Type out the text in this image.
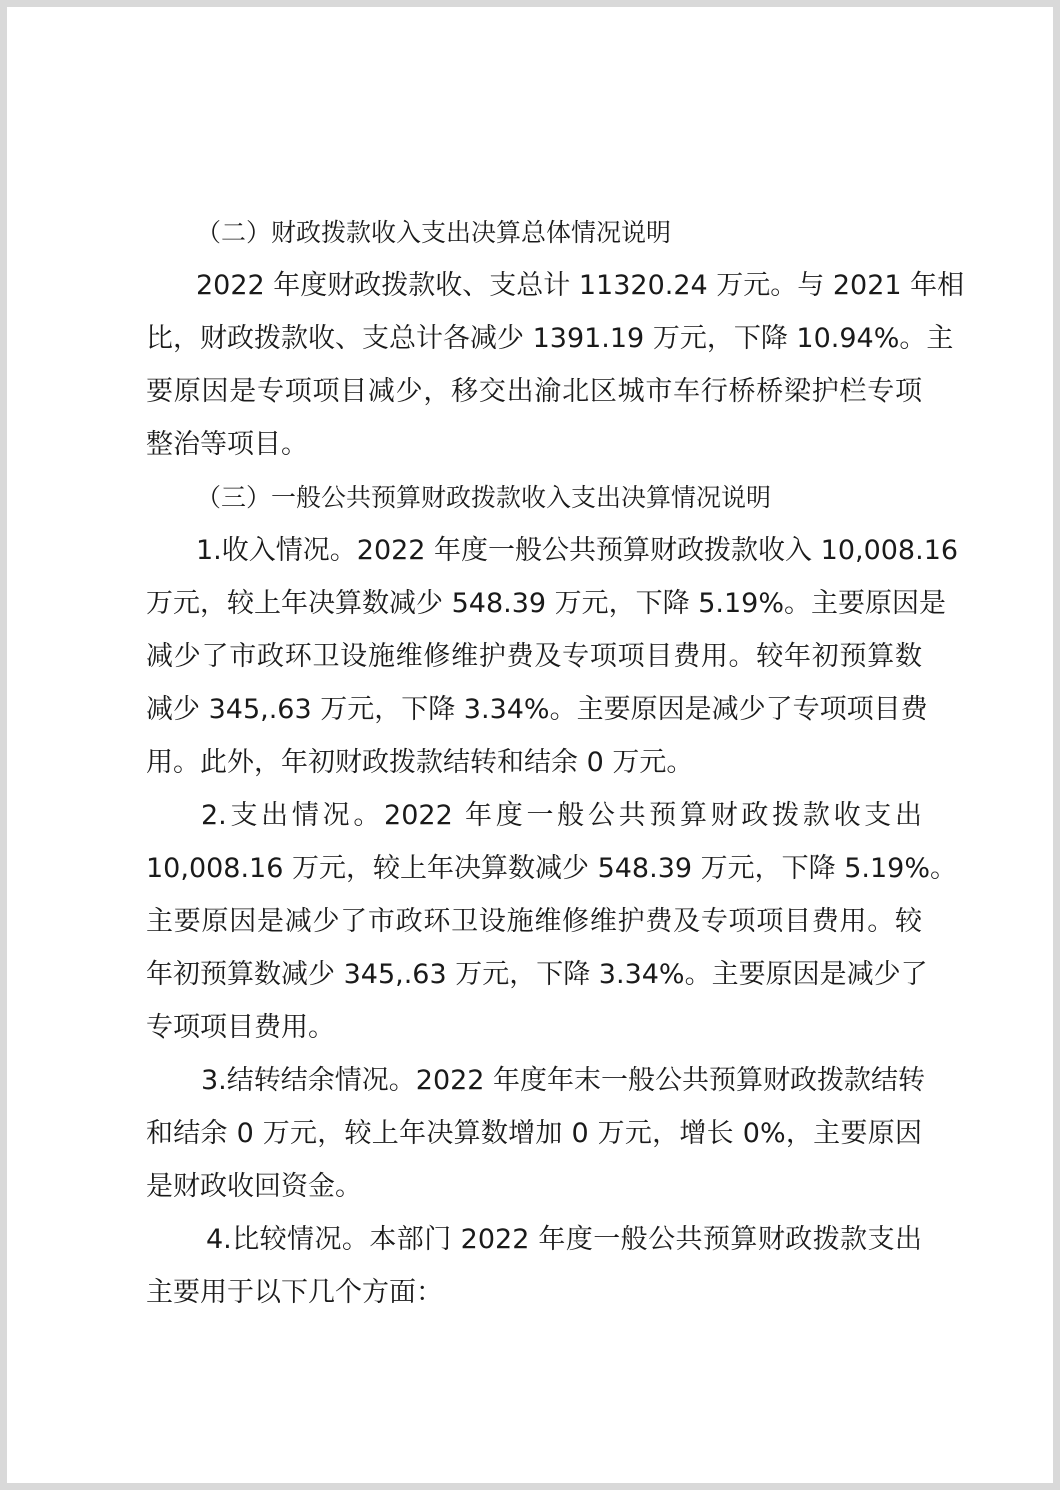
（二）财政拨款收入支出决算总体情况说明
2022 年度财政拨款收、支总计 11320.24 万元。与 2021 年相
比，财政拨款收、支总计各减少 1391.19 万元，下降 10.94%。主
要原因是专项项目减少，移交出渝北区城市车行桥桥梁护栏专项
整治等项目。
（三）一般公共预算财政拨款收入支出决算情况说明
1.收入情况。2022 年度一般公共预算财政拨款收入 10,008.16
万元，较上年决算数减少 548.39 万元，下降 5.19%。主要原因是
减少了市政环卫设施维修维护费及专项项目费用。较年初预算数
减少 345,.63 万元，下降 3.34%。主要原因是减少了专项项目费
用。此外，年初财政拨款结转和结余 0 万元。
2.支出情况。2022 年度一般公共预算财政拨款收支出
10,008.16 万元，较上年决算数减少 548.39 万元，下降 5.19%。
主要原因是减少了市政环卫设施维修维护费及专项项目费用。较
年初预算数减少 345,.63 万元，下降 3.34%。主要原因是减少了
专项项目费用。
3.结转结余情况。2022 年度年末一般公共预算财政拨款结转
和结余 0 万元，较上年决算数增加 0 万元，增长 0%，主要原因
是财政收回资金。
4.比较情况。本部门 2022 年度一般公共预算财政拨款支出
主要用于以下几个方面：
